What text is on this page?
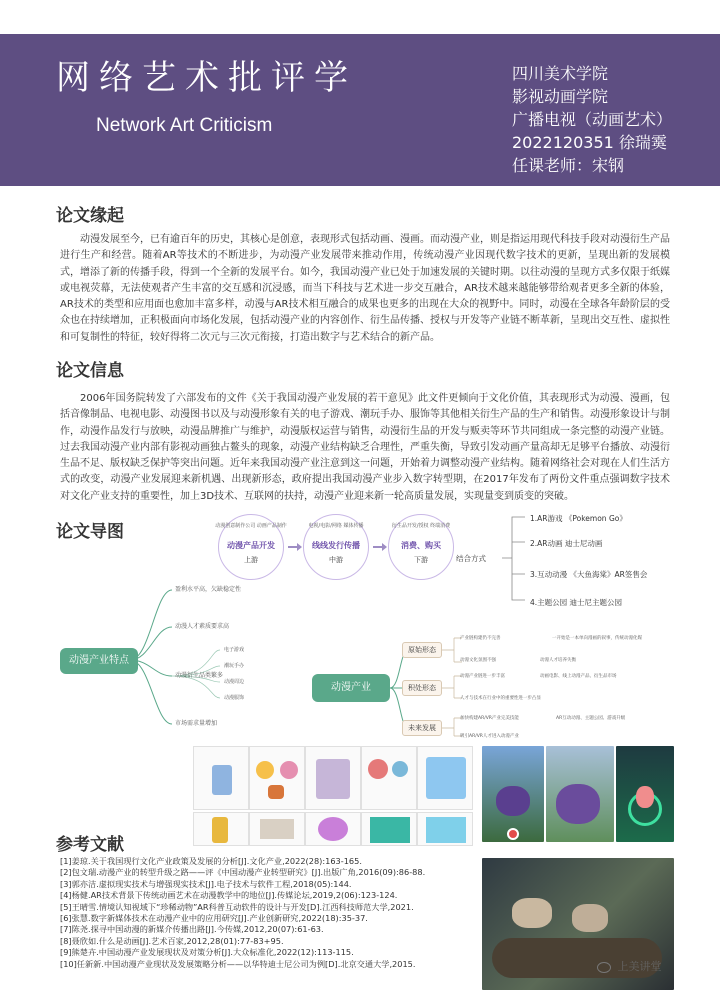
网络艺术批评学
Network Art Criticism
四川美术学院
影视动画学院
广播电视（动画艺术）
2022120351 徐瑞霙
任课老师：宋钢
论文缘起
动漫发展至今，已有逾百年的历史，其核心是创意，表现形式包括动画、漫画。而动漫产业，则是指运用现代科技手段对动漫衍生产品进行生产和经营。随着AR等技术的不断进步，为动漫产业发展带来推动作用，传统动漫产业因现代数字技术的更新，呈现出新的发展模式，增添了新的传播手段，得到一个全新的发展平台。如今，我国动漫产业已处于加速发展的关键时期。以往动漫的呈现方式多仅限于纸媒或电视荧幕，无法使观者产生丰富的交互感和沉浸感，而当下科技与艺术进一步交互融合，AR技术越来越能够带给观者更多全新的体验，AR技术的类型和应用面也愈加丰富多样，动漫与AR技术相互融合的成果也更多的出现在大众的视野中。同时，动漫在全球各年龄阶层的受众也在持续增加，正积极面向市场化发展，包括动漫产业的内容创作、衍生品传播、授权与开发等产业链不断革新，呈现出交互性、虚拟性和可复制性的特征，较好得将二次元与三次元衔接，打造出数字与艺术结合的新产品。
论文信息
2006年国务院转发了六部发布的文件《关于我国动漫产业发展的若干意见》此文件更倾向于文化价值，其表现形式为动漫、漫画，包括音像制品、电视电影、动漫图书以及与动漫形象有关的电子游戏、潮玩手办、服饰等其他相关衍生产品的生产和销售。动漫形象设计与制作，动漫作品发行与放映，动漫品牌推广与维护，动漫版权运营与销售，动漫衍生品的开发与贩卖等环节共同组成一条完整的动漫产业链。过去我国动漫产业内部有影视动画独占鳌头的现象，动漫产业结构缺乏合理性，严重失衡，导致引发动画产量高却无足够平台播放、动漫衍生品不足、版权缺乏保护等突出问题。近年来我国动漫产业注意到这一问题，开始着力调整动漫产业结构。随着网络社会对现在人们生活方式的改变，动漫产业发展迎来新机遇、出现新形态，政府提出我国动漫产业步入数字转型期，在2017年发布了两份文件重点强调数字技术对文化产业支持的重要性，加上3D技术、互联网的扶持，动漫产业迎来新一轮高质量发展，实现量变到质变的突破。
论文导图	动漫创意制作公司 动画产品制作
动漫产品开发
上游
电视/电影/网络 媒体传播
线线发行传播
中游
衍生品开发/授权 终端消费
消费、购买
下游	结合方式
1.AR游戏 《Pokemon Go》
2.AR动画 迪士尼动画
3.互动动漫 《大鱼海棠》AR签售会
4.主题公园 迪士尼主题公园
动漫产业特点
盈利水平高，欠缺稳定性
动漫人才素质要求高
动漫衍生品类繁多
市场需求量增加
电子游戏
潮玩手办
动漫周边
动漫服饰
动漫产业
原始形态
积处形态
未来发展
产业链构建仍不完善	一开始是一本单向漫画的叙事，传统动漫化媒
动漫文化氛围不强	动漫人才培养失衡
动漫产业链进一步丰富	动画电影、线上动漫产品、衍生品市场
人才与技术在行业中的重要性进一步凸显
加快构建AR/VR产业完美技能	AR互动动漫、主题公园、游戏升级
吸引AR/VR人才进入动漫产业
参考文献
[1]姜琼.关于我国现行文化产业政策及发展的分析[J].文化产业,2022(28):163-165.
[2]包文瑞.动漫产业的转型升级之路——评《中国动漫产业转型研究》[J].出版广角,2016(09):86-88.
[3]郭亦洁.虚拟现实技术与增强现实技术[J].电子技术与软件工程,2018(05):144.
[4]杨健.AR技术背景下传统动画艺术在动漫教学中的地位[J].传媒论坛,2019,2(06):123-124.
[5]王晴雪.情境认知视域下“珍稀动物”AR科普互动软件的设计与开发[D].江西科技师范大学,2021.
[6]张慧.数字新媒体技术在动漫产业中的应用研究[J].产业创新研究,2022(18):35-37.
[7]陈尧.探寻中国动漫的新媒介传播出路[J].今传媒,2012,20(07):61-63.
[8]聂欣如.什么是动画[J].艺术百家,2012,28(01):77-83+95.
[9]熊楚卉.中国动漫产业发展现状及对策分析[J].大众标准化,2022(12):113-115.
[10]任新新.中国动漫产业现状及发展策略分析——以华特迪士尼公司为例[D].北京交通大学,2015.	上美讲堂
